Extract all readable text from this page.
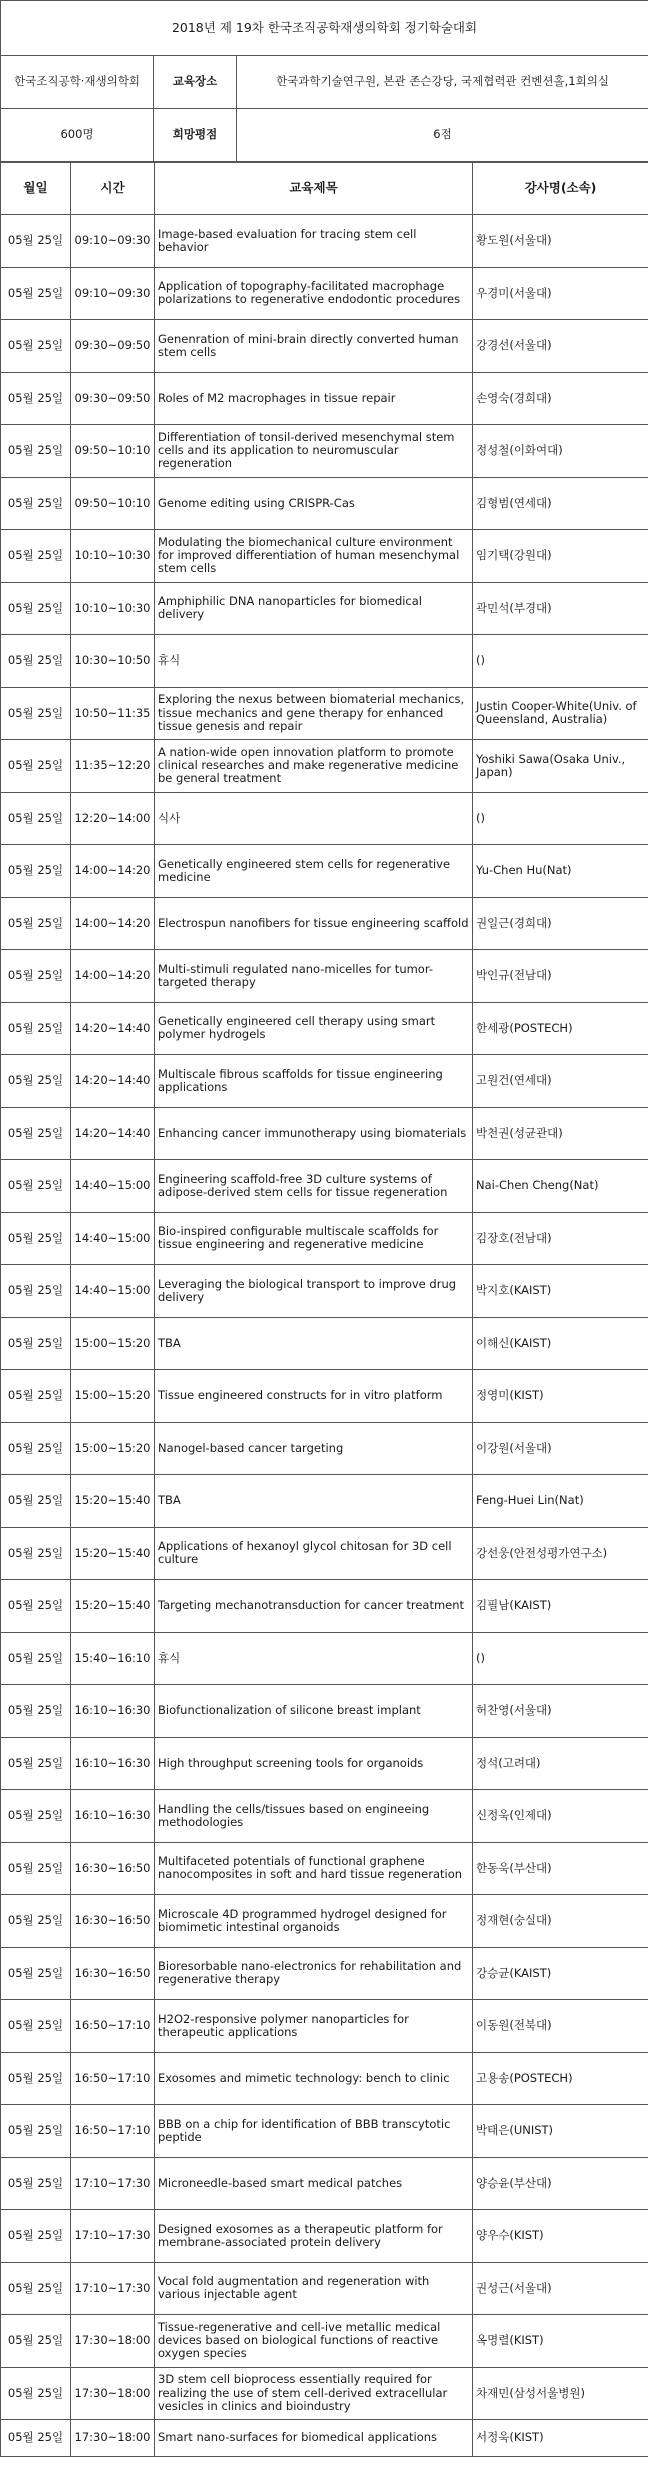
2018년 제 19차 한국조직공학재생의학회 정기학술대회		
한국조직공학·재생의학회	교육장소	한국과학기술연구원, 본관 존슨강당, 국제협력관 컨벤션홀,1회의실
600명	희망평점	6점
월일	시간	교육제목	강사명(소속)
05월 25일	09:10~09:30	Image-based evaluation for tracing stem cell behavior	황도원(서울대)
05월 25일	09:10~09:30	Application of topography-facilitated macrophage polarizations to regenerative endodontic procedures	우경미(서울대)
05월 25일	09:30~09:50	Genenration of mini-brain directly converted human stem cells	강경선(서울대)
05월 25일	09:30~09:50	Roles of M2 macrophages in tissue repair	손영숙(경희대)
05월 25일	09:50~10:10	Differentiation of tonsil-derived mesenchymal stem cells and its application to neuromuscular regeneration	정성철(이화여대)
05월 25일	09:50~10:10	Genome editing using CRISPR-Cas	김형범(연세대)
05월 25일	10:10~10:30	Modulating the biomechanical culture environment for improved differentiation of human mesenchymal stem cells	임기택(강원대)
05월 25일	10:10~10:30	Amphiphilic DNA nanoparticles for biomedical delivery	곽민석(부경대)
05월 25일	10:30~10:50	휴식	()
05월 25일	10:50~11:35	Exploring the nexus between biomaterial mechanics, tissue mechanics and gene therapy for enhanced tissue genesis and repair	Justin Cooper-White(Univ. of Queensland, Australia)
05월 25일	11:35~12:20	A nation-wide open innovation platform to promote clinical researches and make regenerative medicine be general treatment	Yoshiki Sawa(Osaka Univ., Japan)
05월 25일	12:20~14:00	식사	()
05월 25일	14:00~14:20	Genetically engineered stem cells for regenerative medicine	Yu-Chen Hu(Nat)
05월 25일	14:00~14:20	Electrospun nanofibers for tissue engineering scaffold	권일근(경희대)
05월 25일	14:00~14:20	Multi-stimuli regulated nano-micelles for tumor-targeted therapy	박인규(전남대)
05월 25일	14:20~14:40	Genetically engineered cell therapy using smart polymer hydrogels	한세광(POSTECH)
05월 25일	14:20~14:40	Multiscale fibrous scaffolds for tissue engineering applications	고원건(연세대)
05월 25일	14:20~14:40	Enhancing cancer immunotherapy using biomaterials	박천권(성균관대)
05월 25일	14:40~15:00	Engineering scaffold-free 3D culture systems of adipose-derived stem cells for tissue regeneration	Nai-Chen Cheng(Nat)
05월 25일	14:40~15:00	Bio-inspired configurable multiscale scaffolds for tissue engineering and regenerative medicine	김장호(전남대)
05월 25일	14:40~15:00	Leveraging the biological transport to improve drug delivery	박지호(KAIST)
05월 25일	15:00~15:20	TBA	이해신(KAIST)
05월 25일	15:00~15:20	Tissue engineered constructs for in vitro platform	정영미(KIST)
05월 25일	15:00~15:20	Nanogel-based cancer targeting	이강원(서울대)
05월 25일	15:20~15:40	TBA	Feng-Huei Lin(Nat)
05월 25일	15:20~15:40	Applications of hexanoyl glycol chitosan for 3D cell culture	강선웅(안전성평가연구소)
05월 25일	15:20~15:40	Targeting mechanotransduction for cancer treatment	김필남(KAIST)
05월 25일	15:40~16:10	휴식	()
05월 25일	16:10~16:30	Biofunctionalization of silicone breast implant	허찬영(서울대)
05월 25일	16:10~16:30	High throughput screening tools for organoids	정석(고려대)
05월 25일	16:10~16:30	Handling the cells/tissues based on engineeing methodologies	신정욱(인제대)
05월 25일	16:30~16:50	Multifaceted potentials of functional graphene nanocomposites in soft and hard tissue regeneration	한동욱(부산대)
05월 25일	16:30~16:50	Microscale 4D programmed hydrogel designed for biomimetic intestinal organoids	정재현(숭실대)
05월 25일	16:30~16:50	Bioresorbable nano-electronics for rehabilitation and regenerative therapy	강승균(KAIST)
05월 25일	16:50~17:10	H2O2-responsive polymer nanoparticles for therapeutic applications	이동원(전북대)
05월 25일	16:50~17:10	Exosomes and mimetic technology: bench to clinic	고용송(POSTECH)
05월 25일	16:50~17:10	BBB on a chip for identification of BBB transcytotic peptide	박태은(UNIST)
05월 25일	17:10~17:30	Microneedle-based smart medical patches	양승윤(부산대)
05월 25일	17:10~17:30	Designed exosomes as a therapeutic platform for membrane-associated protein delivery	양우수(KIST)
05월 25일	17:10~17:30	Vocal fold augmentation and regeneration with various injectable agent	권성근(서울대)
05월 25일	17:30~18:00	Tissue-regenerative and cell-ive metallic medical devices based on biological functions of reactive oxygen species	옥명렬(KIST)
05월 25일	17:30~18:00	3D stem cell bioprocess essentially required for realizing the use of stem cell-derived extracellular vesicles in clinics and bioindustry	차재민(삼성서울병원)
05월 25일	17:30~18:00	Smart nano-surfaces for biomedical applications	서정욱(KIST)
